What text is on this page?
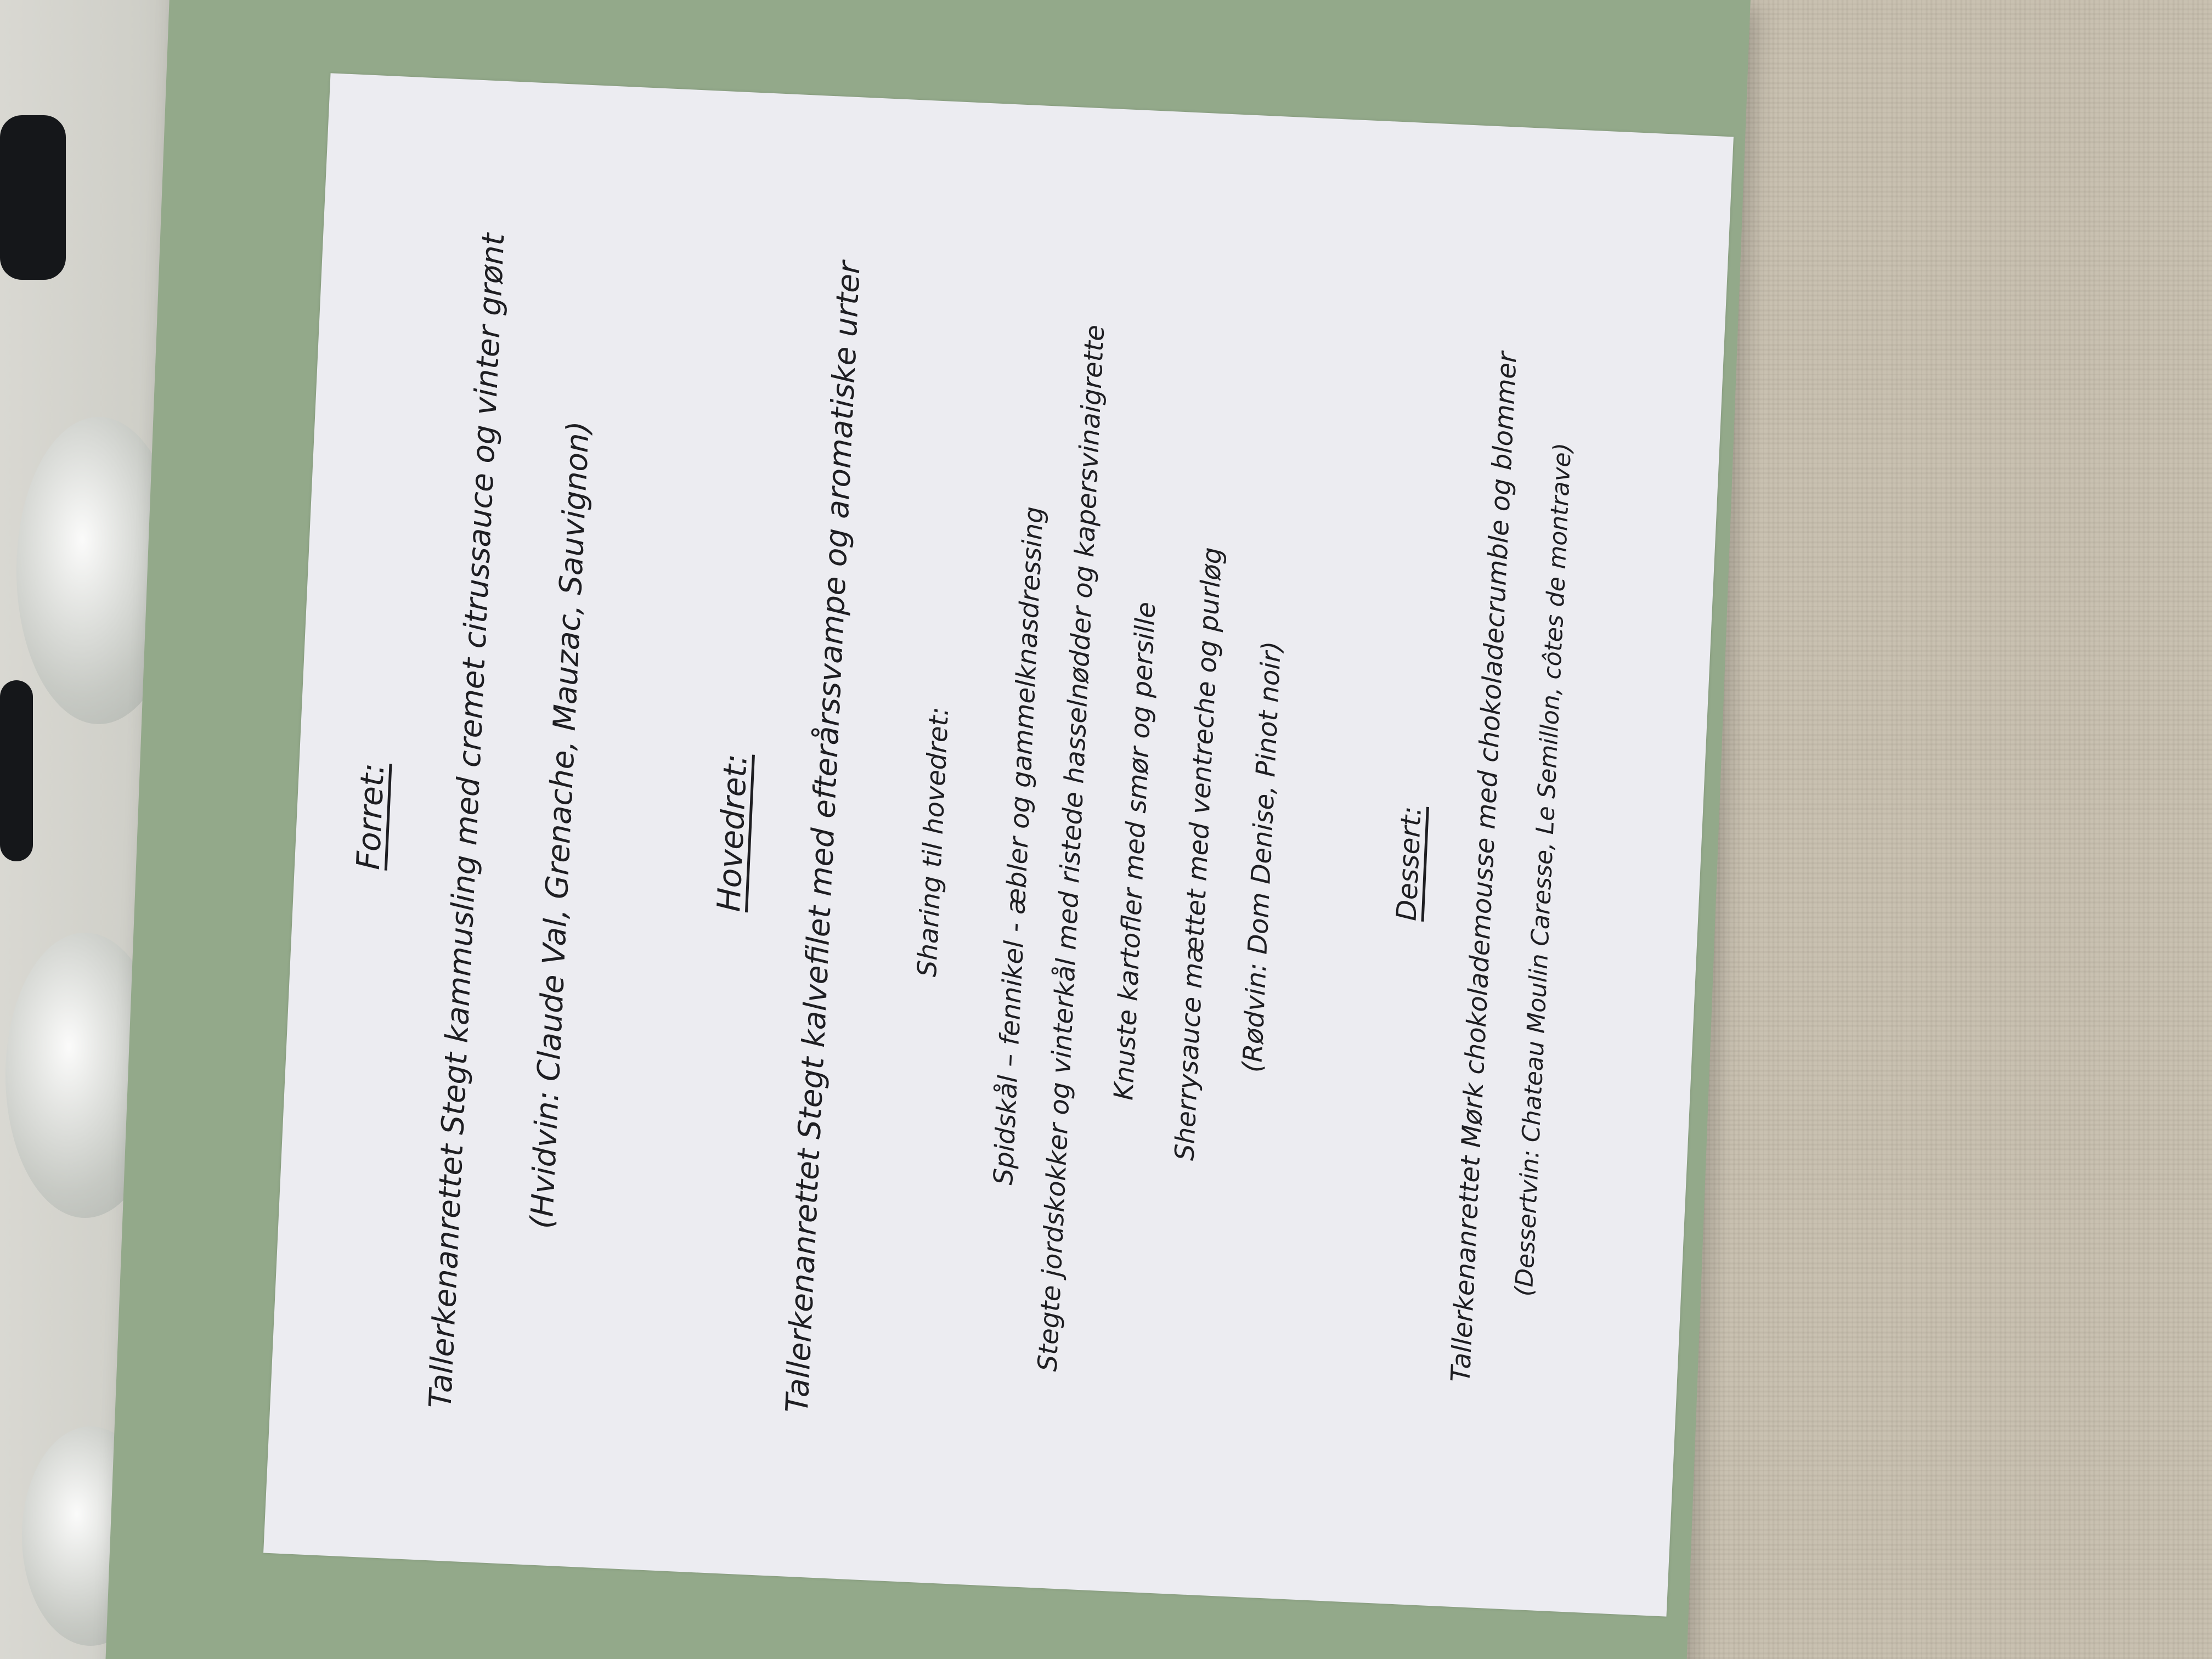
Forret: Tallerkenanrettet Stegt kammusling med cremet citrussauce og vinter grønt (Hvidvin: Claude Val, Grenache, Mauzac, Sauvignon)	Hovedret: Tallerkenanrettet Stegt kalvefilet med efterårssvampe og aromatiske urter	Sharing til hovedret:	Spidskål – fennikel - æbler og gammelknasdressing

Stegte jordskokker og vinterkål med ristede hasselnødder og kapersvinaigrette

Knuste kartofler med smør og persille Sherrysauce mættet med ventreche og purløg (Rødvin: Dom Denise, Pinot noir)	Dessert: Tallerkenanrettet Mørk chokolademousse med chokoladecrumble og blommer

(Dessertvin: Chateau Moulin Caresse, Le Semillon, côtes de montrave)
